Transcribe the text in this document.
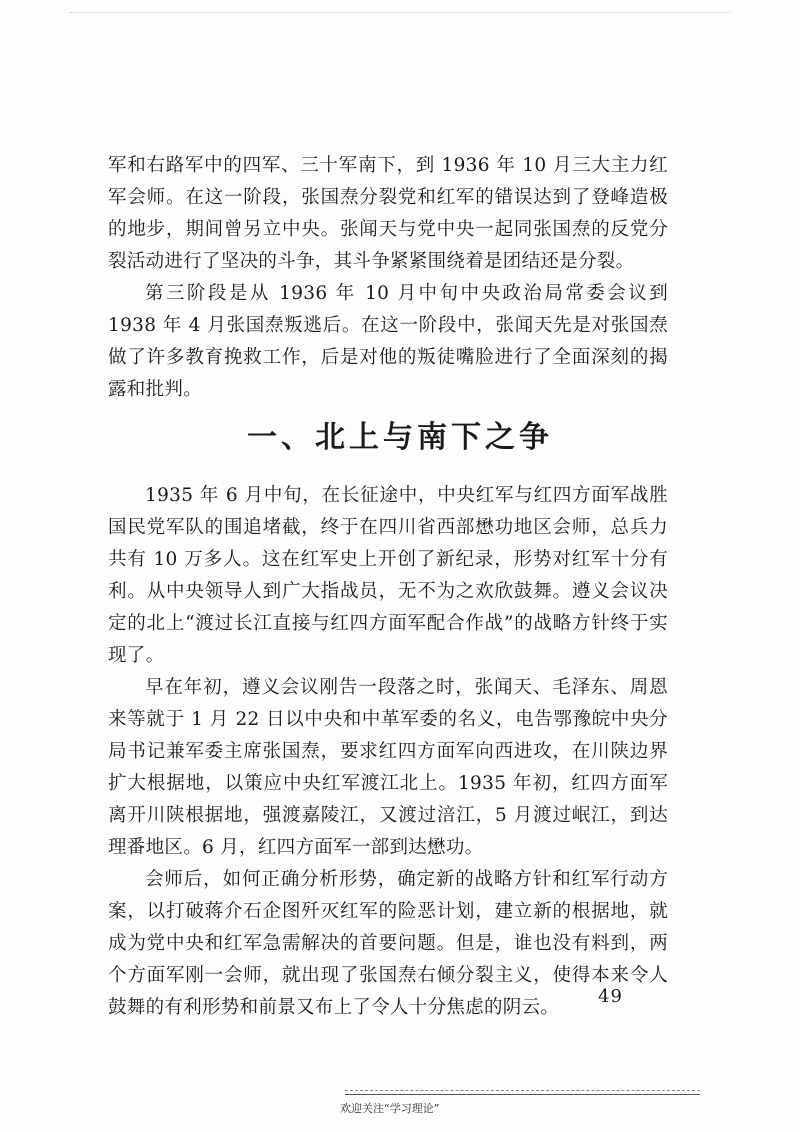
军和右路军中的四军、三十军南下，到 1936 年 10 月三大主力红军会师。在这一阶段，张国焘分裂党和红军的错误达到了登峰造极的地步，期间曾另立中央。张闻天与党中央一起同张国焘的反党分裂活动进行了坚决的斗争，其斗争紧紧围绕着是团结还是分裂。

第三阶段是从 1936 年 10 月中旬中央政治局常委会议到 1938 年 4 月张国焘叛逃后。在这一阶段中，张闻天先是对张国焘做了许多教育挽救工作，后是对他的叛徒嘴脸进行了全面深刻的揭露和批判。

一、北上与南下之争

1935 年 6 月中旬，在长征途中，中央红军与红四方面军战胜国民党军队的围追堵截，终于在四川省西部懋功地区会师，总兵力共有 10 万多人。这在红军史上开创了新纪录，形势对红军十分有利。从中央领导人到广大指战员，无不为之欢欣鼓舞。遵义会议决定的北上“渡过长江直接与红四方面军配合作战”的战略方针终于实现了。

早在年初，遵义会议刚告一段落之时，张闻天、毛泽东、周恩来等就于 1 月 22 日以中央和中革军委的名义，电告鄂豫皖中央分局书记兼军委主席张国焘，要求红四方面军向西进攻，在川陕边界扩大根据地，以策应中央红军渡江北上。1935 年初，红四方面军离开川陕根据地，强渡嘉陵江，又渡过涪江，5 月渡过岷江，到达理番地区。6 月，红四方面军一部到达懋功。

会师后，如何正确分析形势，确定新的战略方针和红军行动方案，以打破蒋介石企图歼灭红军的险恶计划，建立新的根据地，就成为党中央和红军急需解决的首要问题。但是，谁也没有料到，两个方面军刚一会师，就出现了张国焘右倾分裂主义，使得本来令人鼓舞的有利形势和前景又布上了令人十分焦虑的阴云。

49
欢迎关注“学习理论”
